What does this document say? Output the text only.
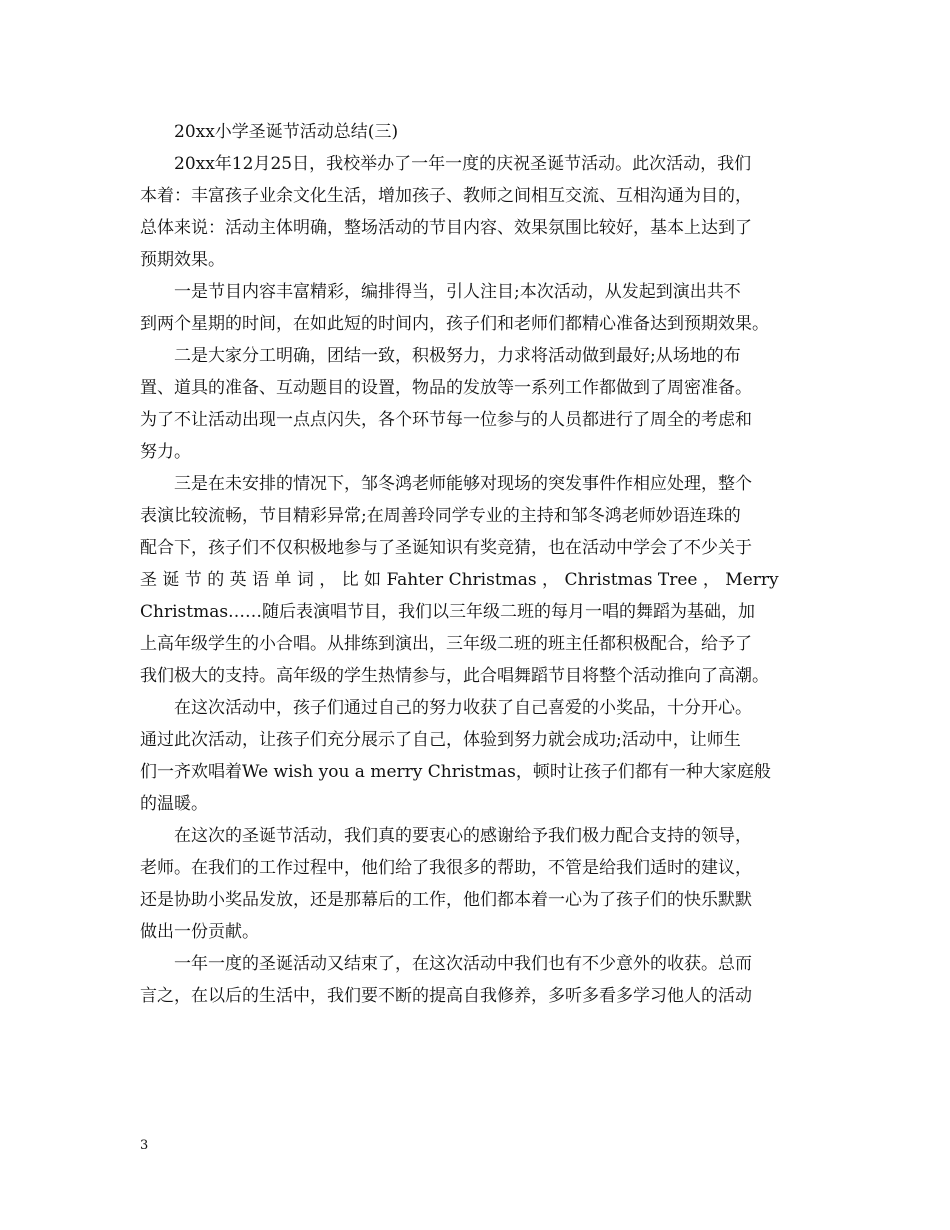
20xx小学圣诞节活动总结(三)

20xx年12月25日，我校举办了一年一度的庆祝圣诞节活动。此次活动，我们

本着：丰富孩子业余文化生活，增加孩子、教师之间相互交流、互相沟通为目的，

总体来说：活动主体明确，整场活动的节目内容、效果氛围比较好，基本上达到了

预期效果。

一是节目内容丰富精彩，编排得当，引人注目;本次活动，从发起到演出共不

到两个星期的时间，在如此短的时间内，孩子们和老师们都精心准备达到预期效果。

二是大家分工明确，团结一致，积极努力，力求将活动做到最好;从场地的布

置、道具的准备、互动题目的设置，物品的发放等一系列工作都做到了周密准备。

为了不让活动出现一点点闪失，各个环节每一位参与的人员都进行了周全的考虑和

努力。

三是在未安排的情况下，邹冬鸿老师能够对现场的突发事件作相应处理，整个

表演比较流畅，节目精彩异常;在周善玲同学专业的主持和邹冬鸿老师妙语连珠的

配合下，孩子们不仅积极地参与了圣诞知识有奖竞猜，也在活动中学会了不少关于

圣 诞 节 的 英 语 单 词 ， 比 如 Fahter Christmas ， Christmas Tree ， Merry

Christmas……随后表演唱节目，我们以三年级二班的每月一唱的舞蹈为基础，加

上高年级学生的小合唱。从排练到演出，三年级二班的班主任都积极配合，给予了

我们极大的支持。高年级的学生热情参与，此合唱舞蹈节目将整个活动推向了高潮。

在这次活动中，孩子们通过自己的努力收获了自己喜爱的小奖品，十分开心。

通过此次活动，让孩子们充分展示了自己，体验到努力就会成功;活动中，让师生

们一齐欢唱着We wish you a merry Christmas，顿时让孩子们都有一种大家庭般

的温暖。

在这次的圣诞节活动，我们真的要衷心的感谢给予我们极力配合支持的领导，

老师。在我们的工作过程中，他们给了我很多的帮助，不管是给我们适时的建议，

还是协助小奖品发放，还是那幕后的工作，他们都本着一心为了孩子们的快乐默默

做出一份贡献。

一年一度的圣诞活动又结束了，在这次活动中我们也有不少意外的收获。总而

言之，在以后的生活中，我们要不断的提高自我修养，多听多看多学习他人的活动

3
